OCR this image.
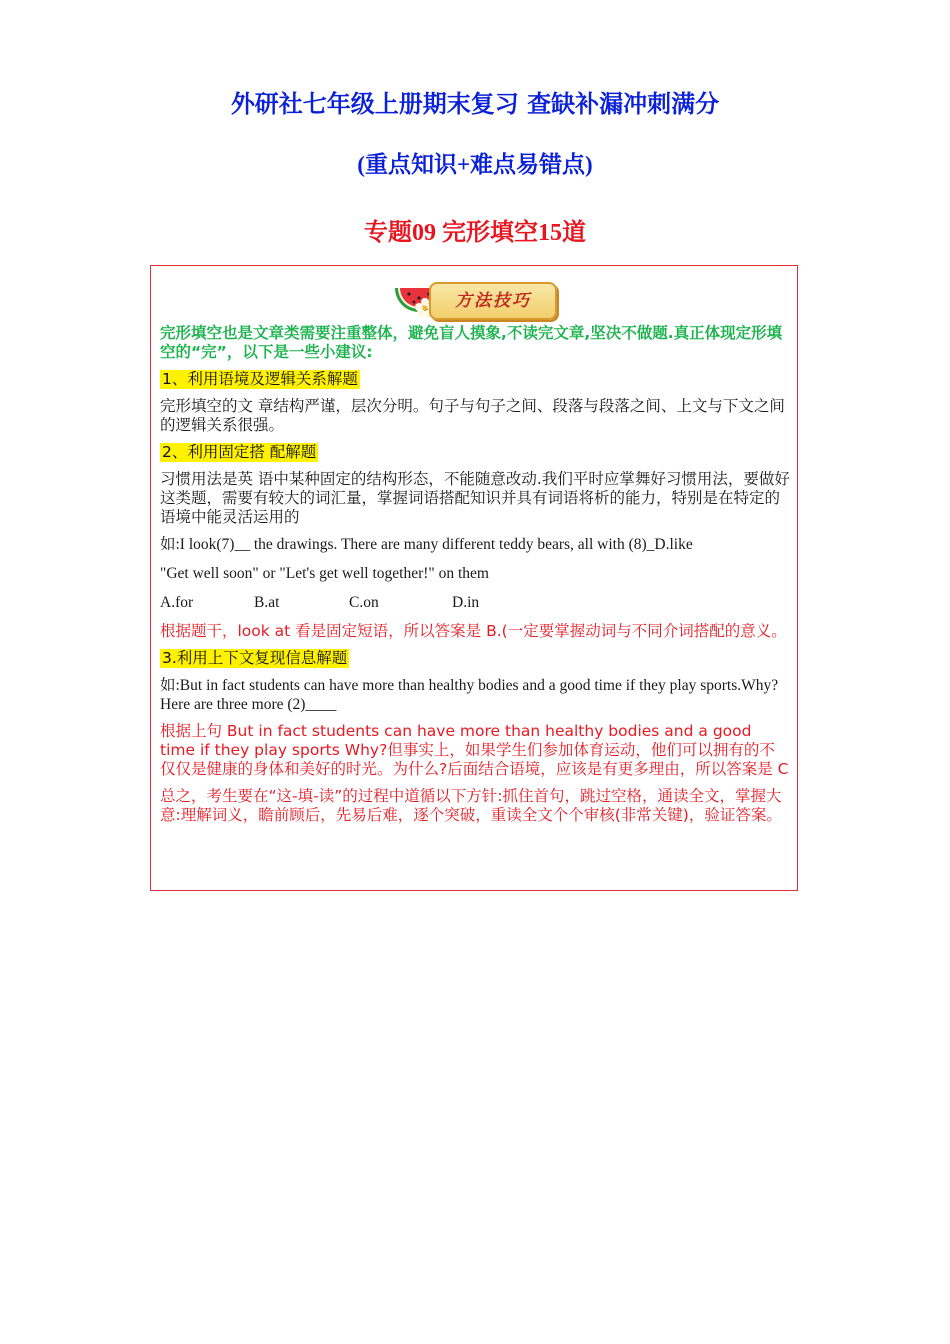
外研社七年级上册期末复习 查缺补漏冲刺满分
(重点知识+难点易错点)
专题09 完形填空15道
方法技巧

完形填空也是文章类需要注重整体，避免盲人摸象,不读完文章,坚决不做题.真正体现定形填空的“完”，以下是一些小建议:

1、利用语境及逻辑关系解题

完形填空的文 章结构严谨，层次分明。句子与句子之间、段落与段落之间、上文与下文之间的逻辑关系很强。

2、利用固定搭 配解题

习惯用法是英 语中某种固定的结构形态，不能随意改动.我们平时应掌舞好习惯用法，要做好这类题，需要有较大的词汇量，掌握词语搭配知识并具有词语将析的能力，特别是在特定的语境中能灵活运用的

如:I look(7)__ the drawings. There are many different teddy bears, all with (8)_D.like

"Get well soon" or "Let's get well together!" on them

A.for	B.at	C.on	D.in

根据题干，look at 看是固定短语，所以答案是 B.(一定要掌握动词与不同介词搭配的意义。

3.利用上下文复现信息解题

如:But in fact students can have more than healthy bodies and a good time if they play sports.Why? Here are three more (2)____

根据上句 But in fact students can have more than healthy bodies and a good time if they play sports Why?但事实上，如果学生们参加体育运动，他们可以拥有的不仅仅是健康的身体和美好的时光。为什么?后面结合语境，应该是有更多理由，所以答案是 C

总之，考生要在“这-填-读”的过程中道循以下方针:抓住首句，跳过空格，通读全文，掌握大意:理解词义，瞻前顾后，先易后难，逐个突破，重读全文个个审核(非常关键)，验证答案。
